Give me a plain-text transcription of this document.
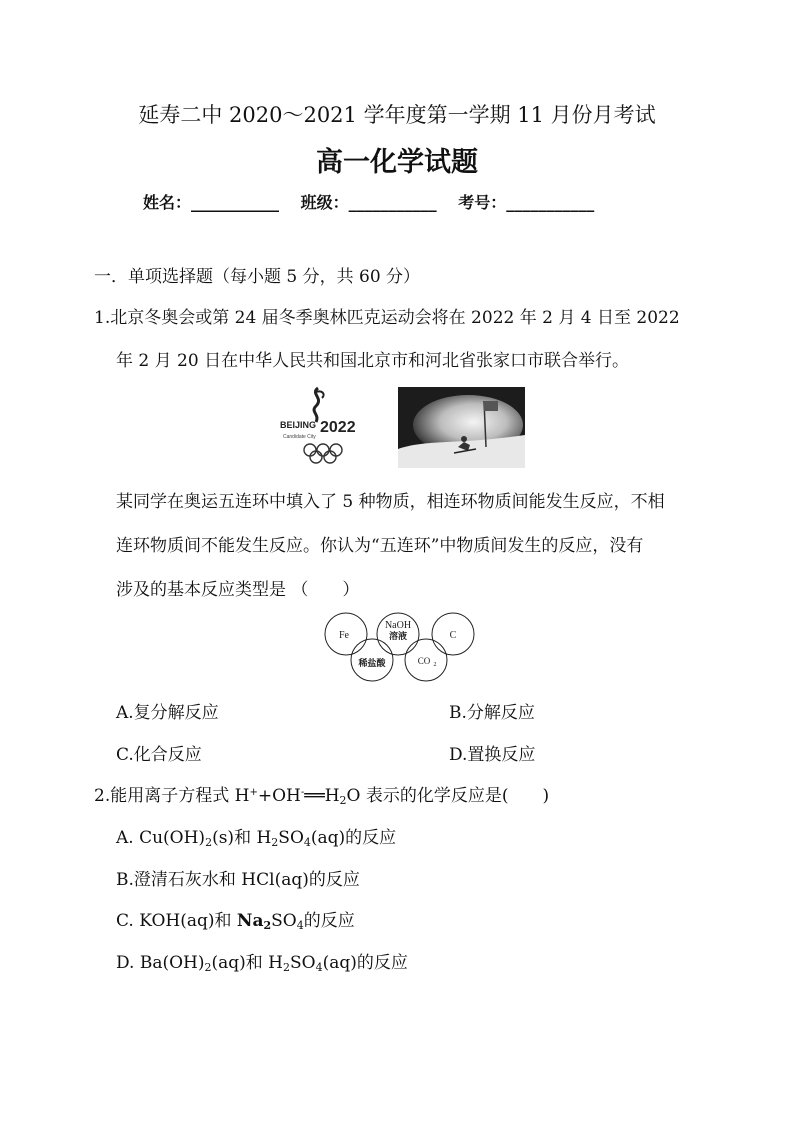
延寿二中 2020～2021 学年度第一学期 11 月份月考试
高一化学试题
姓名：___________ 班级：___________ 考号：___________
一．单项选择题（每小题 5 分，共 60 分）
1.北京冬奥会或第 24 届冬季奥林匹克运动会将在 2022 年 2 月 4 日至 2022
年 2 月 20 日在中华人民共和国北京市和河北省张家口市联合举行。
BEIJING 2022
Candidate City
某同学在奥运五连环中填入了 5 种物质，相连环物质间能发生反应，不相
连环物质间不能发生反应。你认为“五连环”中物质间发生的反应，没有
涉及的基本反应类型是 （　　）
Fe
NaOH
溶液	C
稀盐酸	CO 2
A.复分解反应	B.分解反应
C.化合反应	D.置换反应
2.能用离子方程式 $H^++OH^-══H_2O$ 表示的化学反应是(　　)
A. $Cu(OH)_2(s)$和 $H_2SO_4(aq)$的反应
B.澄清石灰水和 HCl(aq)的反应
C. KOH(aq)和 $Na_2SO_4$的反应
D. $Ba(OH)_2(aq)$和 $H_2SO_4(aq)$的反应
